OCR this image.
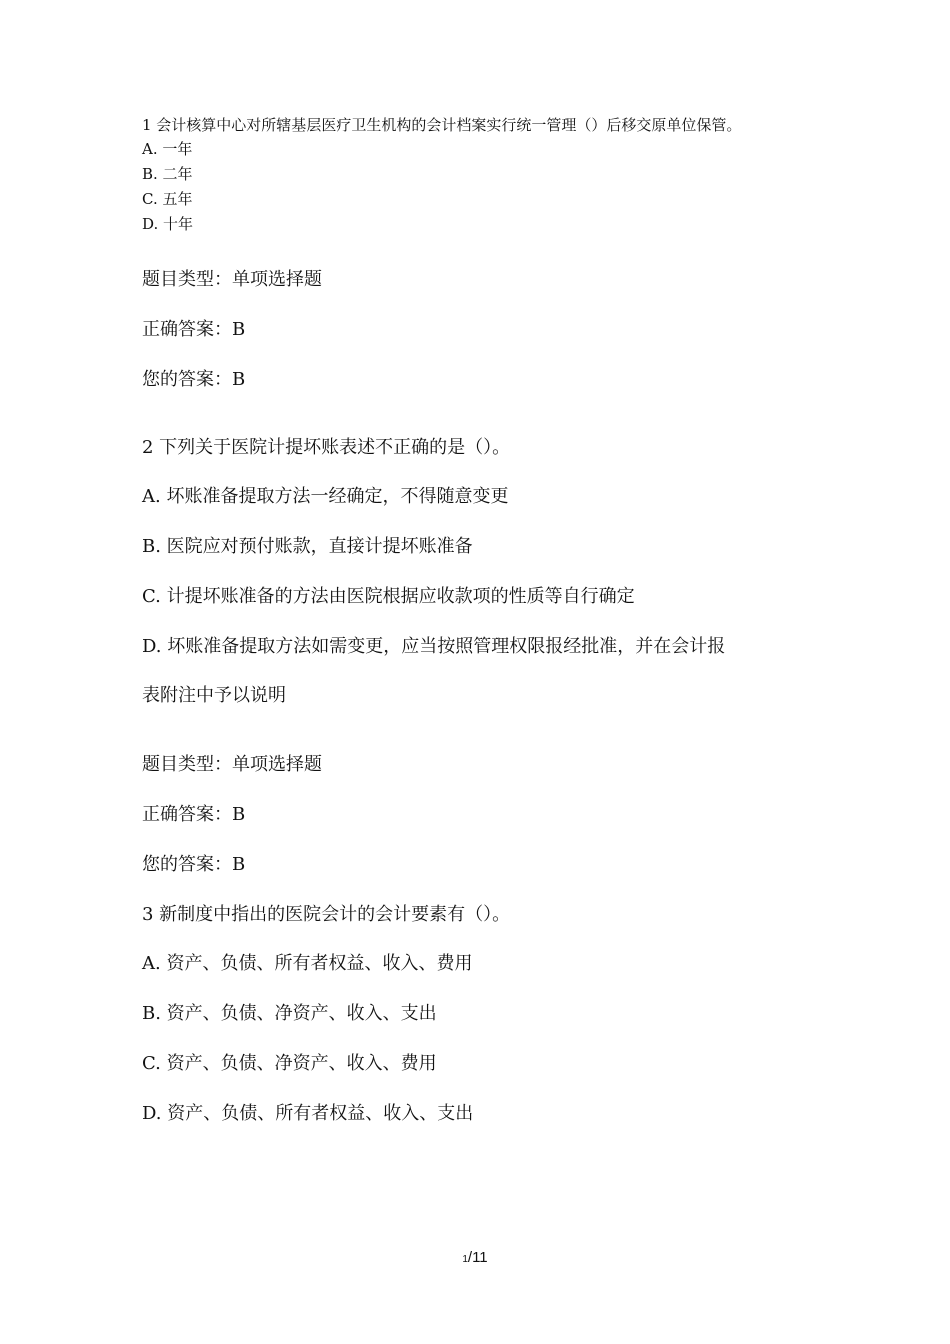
1 会计核算中心对所辖基层医疗卫生机构的会计档案实行统一管理（）后移交原单位保管。
A. 一年
B. 二年
C. 五年
D. 十年
题目类型：单项选择题
正确答案：B
您的答案：B
2 下列关于医院计提坏账表述不正确的是（）。
A. 坏账准备提取方法一经确定，不得随意变更
B. 医院应对预付账款，直接计提坏账准备
C. 计提坏账准备的方法由医院根据应收款项的性质等自行确定
D. 坏账准备提取方法如需变更，应当按照管理权限报经批准，并在会计报
表附注中予以说明
题目类型：单项选择题
正确答案：B
您的答案：B
3 新制度中指出的医院会计的会计要素有（）。
A. 资产、负债、所有者权益、收入、费用
B. 资产、负债、净资产、收入、支出
C. 资产、负债、净资产、收入、费用
D. 资产、负债、所有者权益、收入、支出
1/11
